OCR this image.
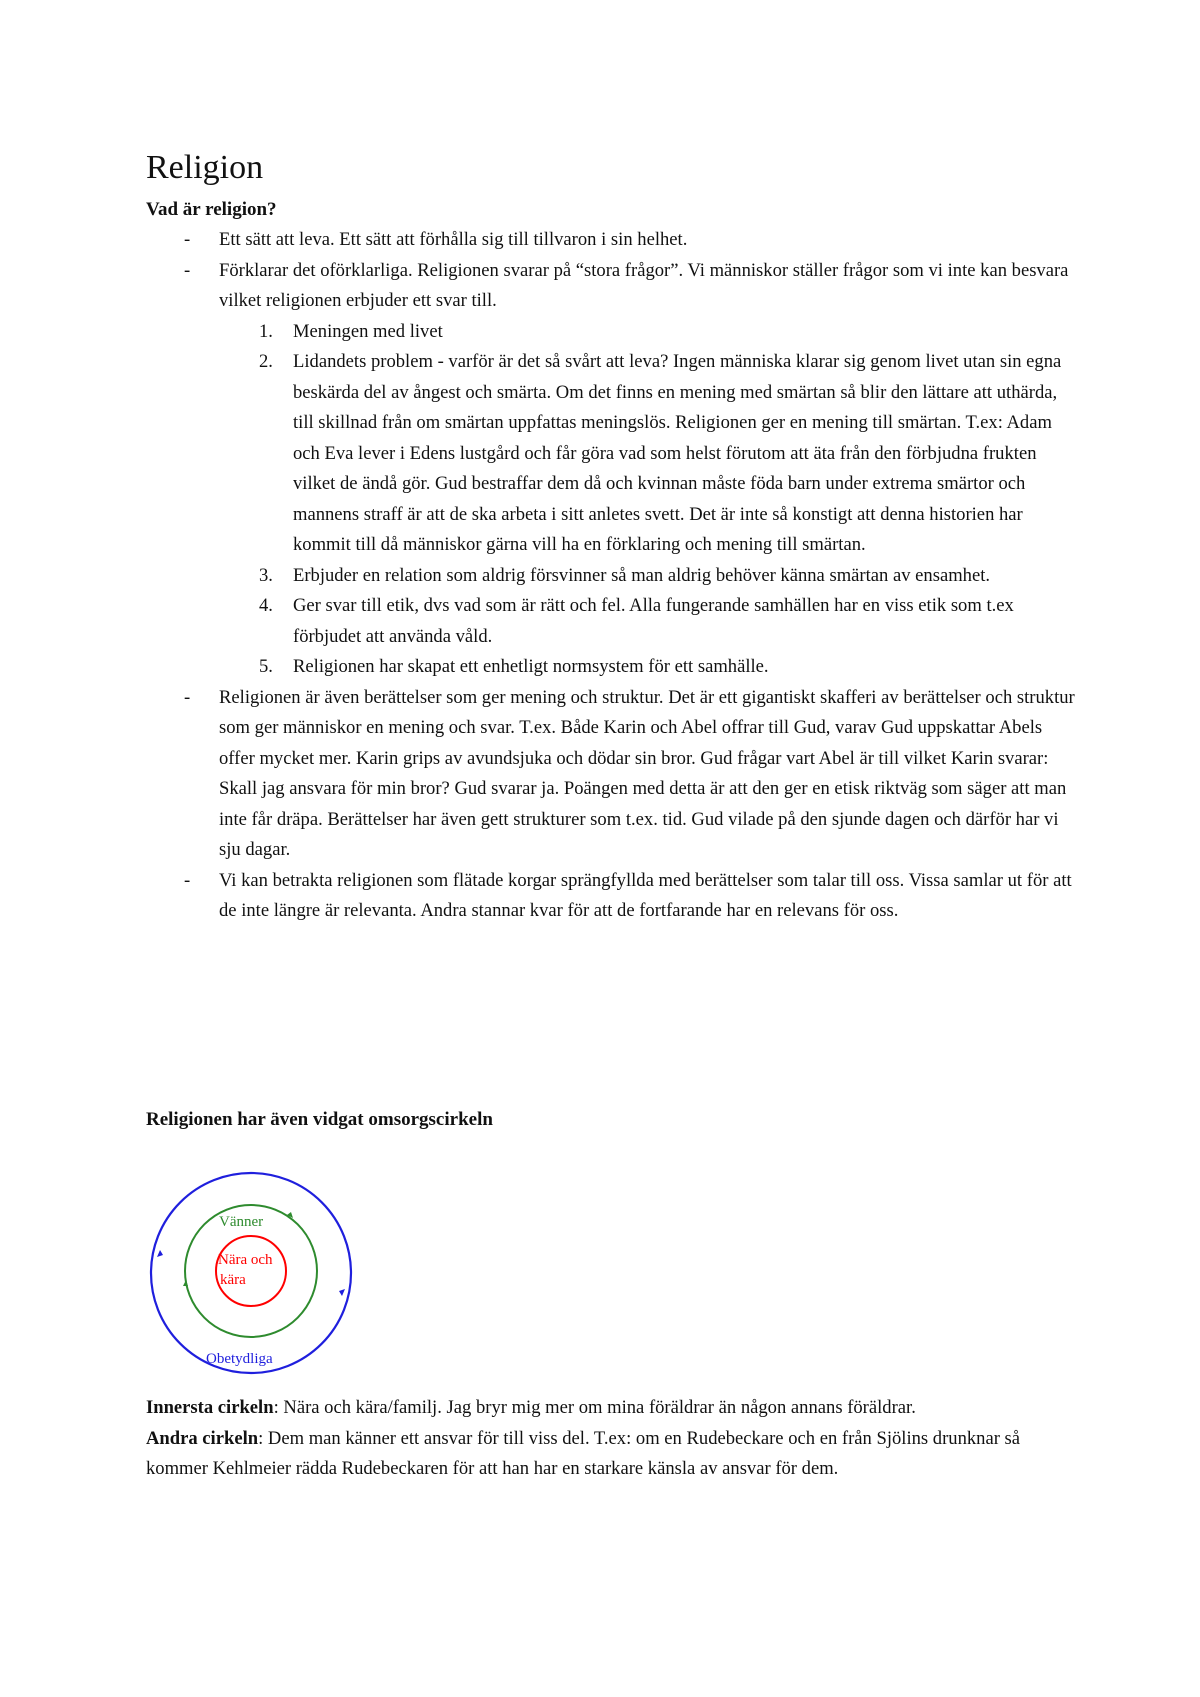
Religion

Vad är religion?

- Ett sätt att leva. Ett sätt att förhålla sig till tillvaron i sin helhet.
- Förklarar det oförklarliga. Religionen svarar på “stora frågor”. Vi människor ställer frågor som vi inte kan besvara vilket religionen erbjuder ett svar till.
1. Meningen med livet
2. Lidandets problem - varför är det så svårt att leva? Ingen människa klarar sig genom livet utan sin egna beskärda del av ångest och smärta. Om det finns en mening med smärtan så blir den lättare att uthärda, till skillnad från om smärtan uppfattas meningslös. Religionen ger en mening till smärtan. T.ex: Adam och Eva lever i Edens lustgård och får göra vad som helst förutom att äta från den förbjudna frukten vilket de ändå gör. Gud bestraffar dem då och kvinnan måste föda barn under extrema smärtor och mannens straff är att de ska arbeta i sitt anletes svett. Det är inte så konstigt att denna historien har kommit till då människor gärna vill ha en förklaring och mening till smärtan.
3. Erbjuder en relation som aldrig försvinner så man aldrig behöver känna smärtan av ensamhet.
4. Ger svar till etik, dvs vad som är rätt och fel. Alla fungerande samhällen har en viss etik som t.ex förbjudet att använda våld.
5. Religionen har skapat ett enhetligt normsystem för ett samhälle.
- Religionen är även berättelser som ger mening och struktur. Det är ett gigantiskt skafferi av berättelser och struktur som ger människor en mening och svar. T.ex. Både Karin och Abel offrar till Gud, varav Gud uppskattar Abels offer mycket mer. Karin grips av avundsjuka och dödar sin bror. Gud frågar vart Abel är till vilket Karin svarar: Skall jag ansvara för min bror? Gud svarar ja. Poängen med detta är att den ger en etisk riktväg som säger att man inte får dräpa. Berättelser har även gett strukturer som t.ex. tid. Gud vilade på den sjunde dagen och därför har vi sju dagar.
- Vi kan betrakta religionen som flätade korgar sprängfyllda med berättelser som talar till oss. Vissa samlar ut för att de inte längre är relevanta. Andra stannar kvar för att de fortfarande har en relevans för oss.

Religionen har även vidgat omsorgscirkeln

Vänner
Nära och
kära
Obetydliga

Innersta cirkeln: Nära och kära/familj. Jag bryr mig mer om mina föräldrar än någon annans föräldrar.

Andra cirkeln: Dem man känner ett ansvar för till viss del. T.ex: om en Rudebeckare och en från Sjölins drunknar så kommer Kehlmeier rädda Rudebeckaren för att han har en starkare känsla av ansvar för dem.
